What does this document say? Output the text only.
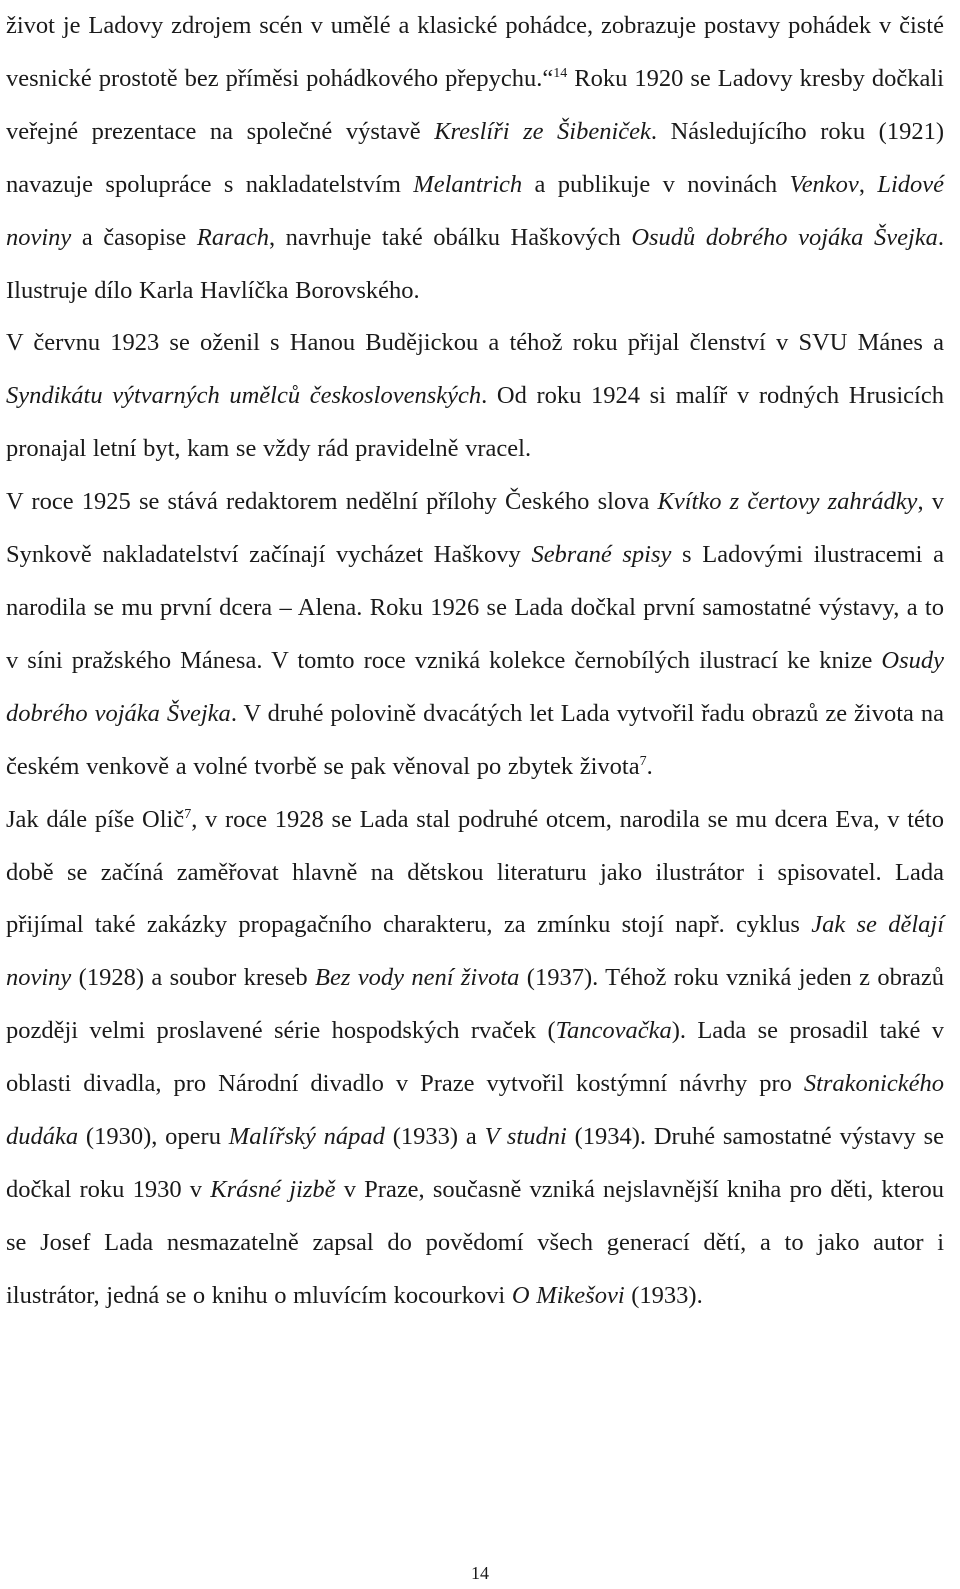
život je Ladovy zdrojem scén v umělé a klasické pohádce, zobrazuje postavy pohádek v čisté vesnické prostotě bez příměsi pohádkového přepychu.“$^{14}$ Roku 1920 se Ladovy kresby dočkali veřejné prezentace na společné výstavě Kreslíři ze Šibeniček. Následujícího roku (1921) navazuje spolupráce s nakladatelstvím Melantrich a publikuje v novinách Venkov, Lidové noviny a časopise Rarach, navrhuje také obálku Haškových Osudů dobrého vojáka Švejka. Ilustruje dílo Karla Havlíčka Borovského.

V červnu 1923 se oženil s Hanou Budějickou a téhož roku přijal členství v SVU Mánes a Syndikátu výtvarných umělců československých. Od roku 1924 si malíř v rodných Hrusicích pronajal letní byt, kam se vždy rád pravidelně vracel.

V roce 1925 se stává redaktorem nedělní přílohy Českého slova Kvítko z čertovy zahrádky, v Synkově nakladatelství začínají vycházet Haškovy Sebrané spisy s Ladovými ilustracemi a narodila se mu první dcera – Alena. Roku 1926 se Lada dočkal první samostatné výstavy, a to v síni pražského Mánesa. V tomto roce vzniká kolekce černobílých ilustrací ke knize Osudy dobrého vojáka Švejka. V druhé polovině dvacátých let Lada vytvořil řadu obrazů ze života na českém venkově a volné tvorbě se pak věnoval po zbytek života$^7$.

Jak dále píše Olič$^7$, v roce 1928 se Lada stal podruhé otcem, narodila se mu dcera Eva, v této době se začíná zaměřovat hlavně na dětskou literaturu jako ilustrátor i spisovatel. Lada přijímal také zakázky propagačního charakteru, za zmínku stojí např. cyklus Jak se dělají noviny (1928) a soubor kreseb Bez vody není života (1937). Téhož roku vzniká jeden z obrazů později velmi proslavené série hospodských rvaček (Tancovačka). Lada se prosadil také v oblasti divadla, pro Národní divadlo v Praze vytvořil kostýmní návrhy pro Strakonického dudáka (1930), operu Malířský nápad (1933) a V studni (1934). Druhé samostatné výstavy se dočkal roku 1930 v Krásné jizbě v Praze, současně vzniká nejslavnější kniha pro děti, kterou se Josef Lada nesmazatelně zapsal do povědomí všech generací dětí, a to jako autor i ilustrátor, jedná se o knihu o mluvícím kocourkovi O Mikešovi (1933).

14
